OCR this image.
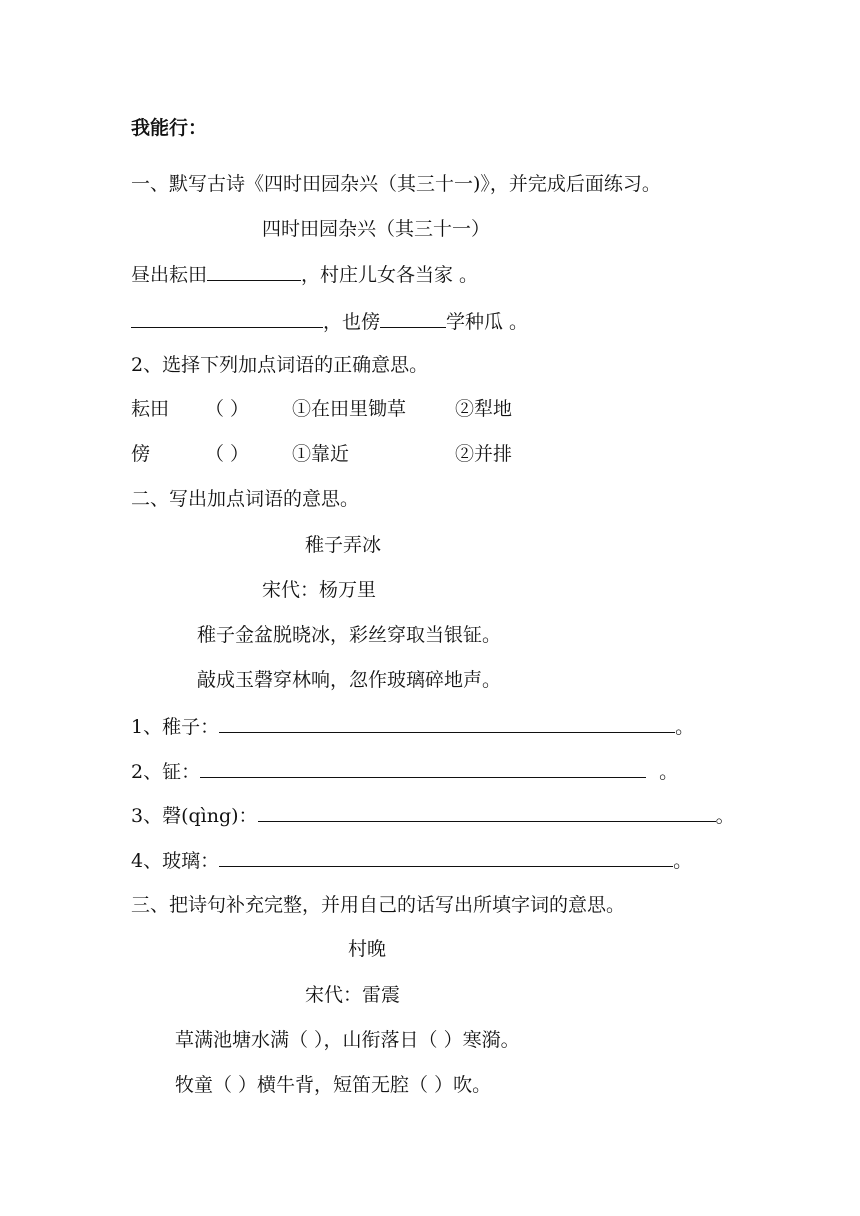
我能行：
一、默写古诗《四时田园杂兴（其三十一)》，并完成后面练习。
四时田园杂兴（其三十一）
昼出耘田	，村庄儿女各当家 。
，也傍	学种瓜 。
2、选择下列加点词语的正确意思。
耘田 （ ） ①在田里锄草	②犁地
傍	（ ） ①靠近	②并排
二、写出加点词语的意思。
稚子弄冰
宋代：杨万里
稚子金盆脱晓冰，彩丝穿取当银钲。
敲成玉磬穿林响，忽作玻璃碎地声。
1、稚子：	。
2、钲：	。
3、磬(qìng)：	。
4、玻璃：	。
三、把诗句补充完整，并用自己的话写出所填字词的意思。
村晚
宋代：雷震
草满池塘水满（ ），山衔落日（ ）寒漪。
牧童（ ）横牛背，短笛无腔（ ）吹。
